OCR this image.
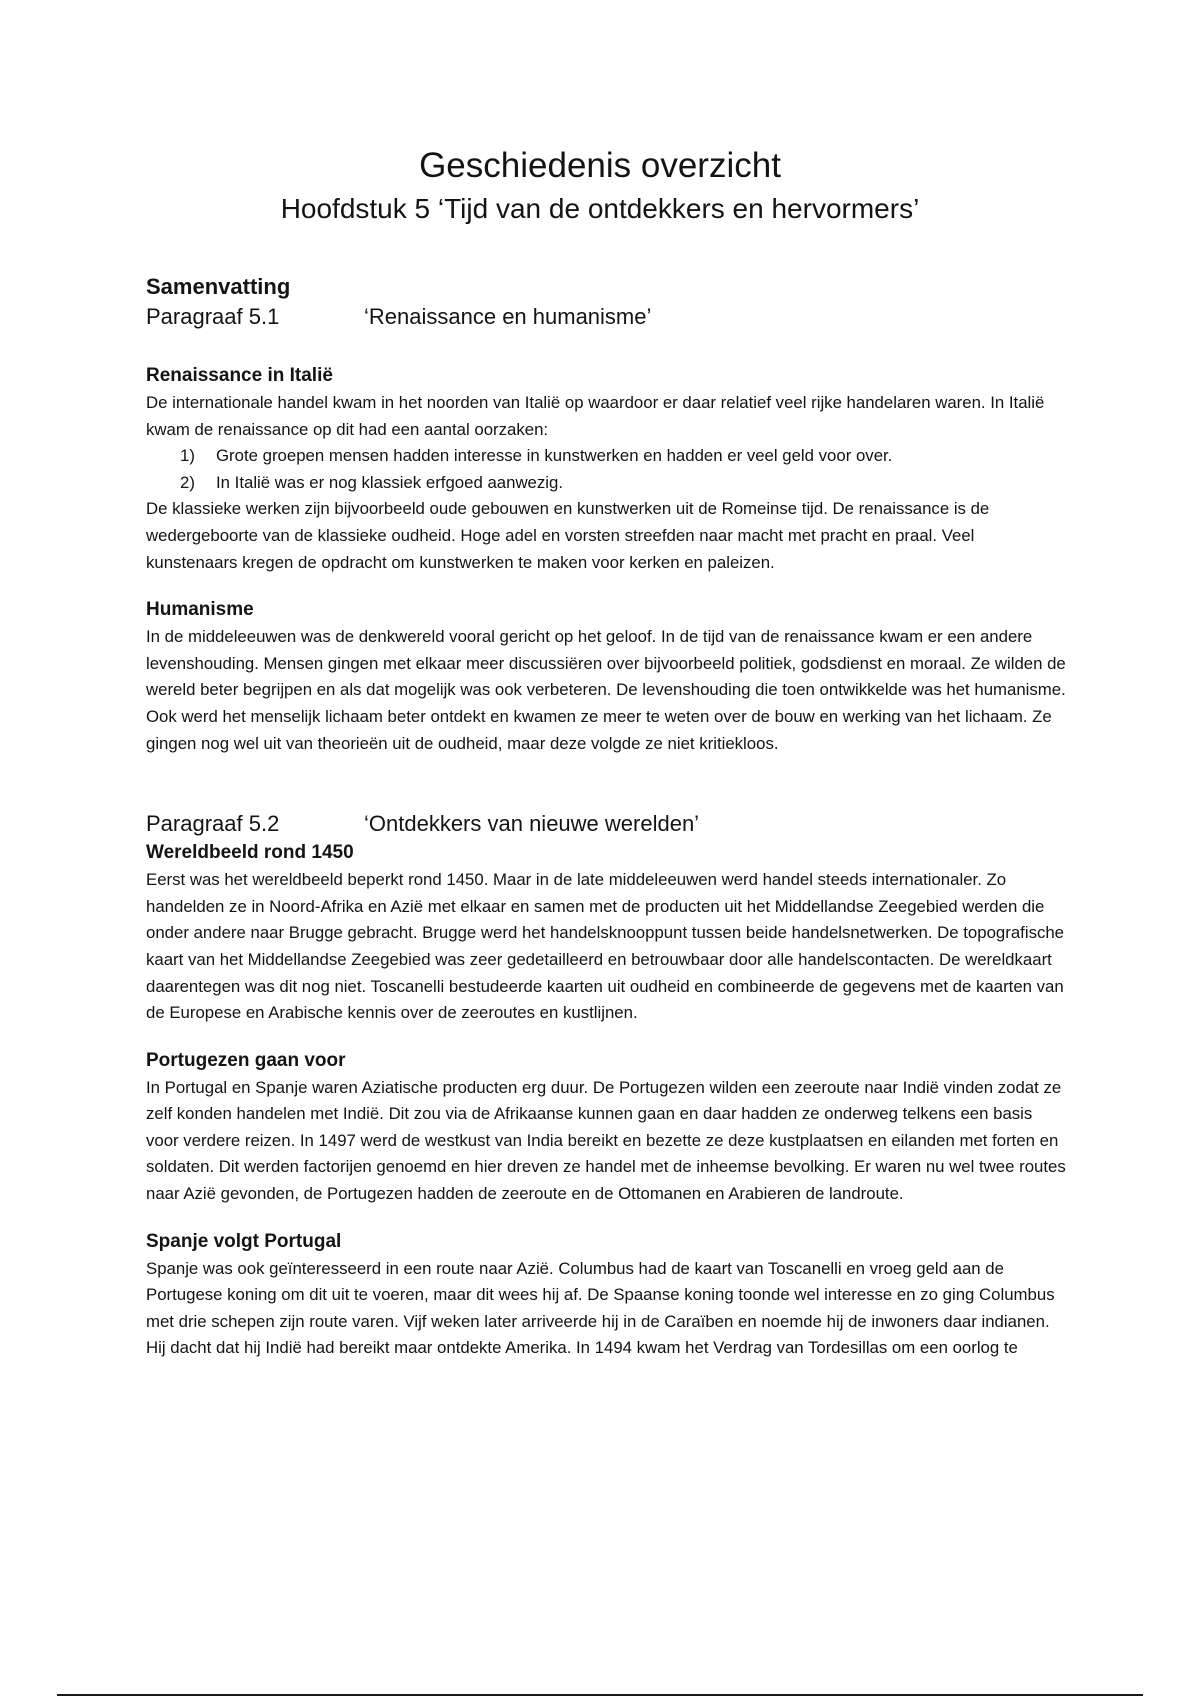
Geschiedenis overzicht
Hoofdstuk 5 ‘Tijd van de ontdekkers en hervormers’

Samenvatting

Paragraaf 5.1	‘Renaissance en humanisme’

Renaissance in Italië

De internationale handel kwam in het noorden van Italië op waardoor er daar relatief veel rijke handelaren waren. In Italië kwam de renaissance op dit had een aantal oorzaken:

1)	Grote groepen mensen hadden interesse in kunstwerken en hadden er veel geld voor over.
2)	In Italië was er nog klassiek erfgoed aanwezig.

De klassieke werken zijn bijvoorbeeld oude gebouwen en kunstwerken uit de Romeinse tijd. De renaissance is de wedergeboorte van de klassieke oudheid. Hoge adel en vorsten streefden naar macht met pracht en praal. Veel kunstenaars kregen de opdracht om kunstwerken te maken voor kerken en paleizen.

Humanisme

In de middeleeuwen was de denkwereld vooral gericht op het geloof. In de tijd van de renaissance kwam er een andere levenshouding. Mensen gingen met elkaar meer discussiëren over bijvoorbeeld politiek, godsdienst en moraal. Ze wilden de wereld beter begrijpen en als dat mogelijk was ook verbeteren. De levenshouding die toen ontwikkelde was het humanisme. Ook werd het menselijk lichaam beter ontdekt en kwamen ze meer te weten over de bouw en werking van het lichaam. Ze gingen nog wel uit van theorieën uit de oudheid, maar deze volgde ze niet kritiekloos.

Paragraaf 5.2	‘Ontdekkers van nieuwe werelden’

Wereldbeeld rond 1450

Eerst was het wereldbeeld beperkt rond 1450. Maar in de late middeleeuwen werd handel steeds internationaler. Zo handelden ze in Noord-Afrika en Azië met elkaar en samen met de producten uit het Middellandse Zeegebied werden die onder andere naar Brugge gebracht. Brugge werd het handelsknooppunt tussen beide handelsnetwerken. De topografische kaart van het Middellandse Zeegebied was zeer gedetailleerd en betrouwbaar door alle handelscontacten. De wereldkaart daarentegen was dit nog niet. Toscanelli bestudeerde kaarten uit oudheid en combineerde de gegevens met de kaarten van de Europese en Arabische kennis over de zeeroutes en kustlijnen.

Portugezen gaan voor

In Portugal en Spanje waren Aziatische producten erg duur. De Portugezen wilden een zeeroute naar Indië vinden zodat ze zelf konden handelen met Indië. Dit zou via de Afrikaanse kunnen gaan en daar hadden ze onderweg telkens een basis voor verdere reizen. In 1497 werd de westkust van India bereikt en bezette ze deze kustplaatsen en eilanden met forten en soldaten. Dit werden factorijen genoemd en hier dreven ze handel met de inheemse bevolking. Er waren nu wel twee routes naar Azië gevonden, de Portugezen hadden de zeeroute en de Ottomanen en Arabieren de landroute.

Spanje volgt Portugal

Spanje was ook geïnteresseerd in een route naar Azië. Columbus had de kaart van Toscanelli en vroeg geld aan de Portugese koning om dit uit te voeren, maar dit wees hij af. De Spaanse koning toonde wel interesse en zo ging Columbus met drie schepen zijn route varen. Vijf weken later arriveerde hij in de Caraïben en noemde hij de inwoners daar indianen. Hij dacht dat hij Indië had bereikt maar ontdekte Amerika. In 1494 kwam het Verdrag van Tordesillas om een oorlog te
